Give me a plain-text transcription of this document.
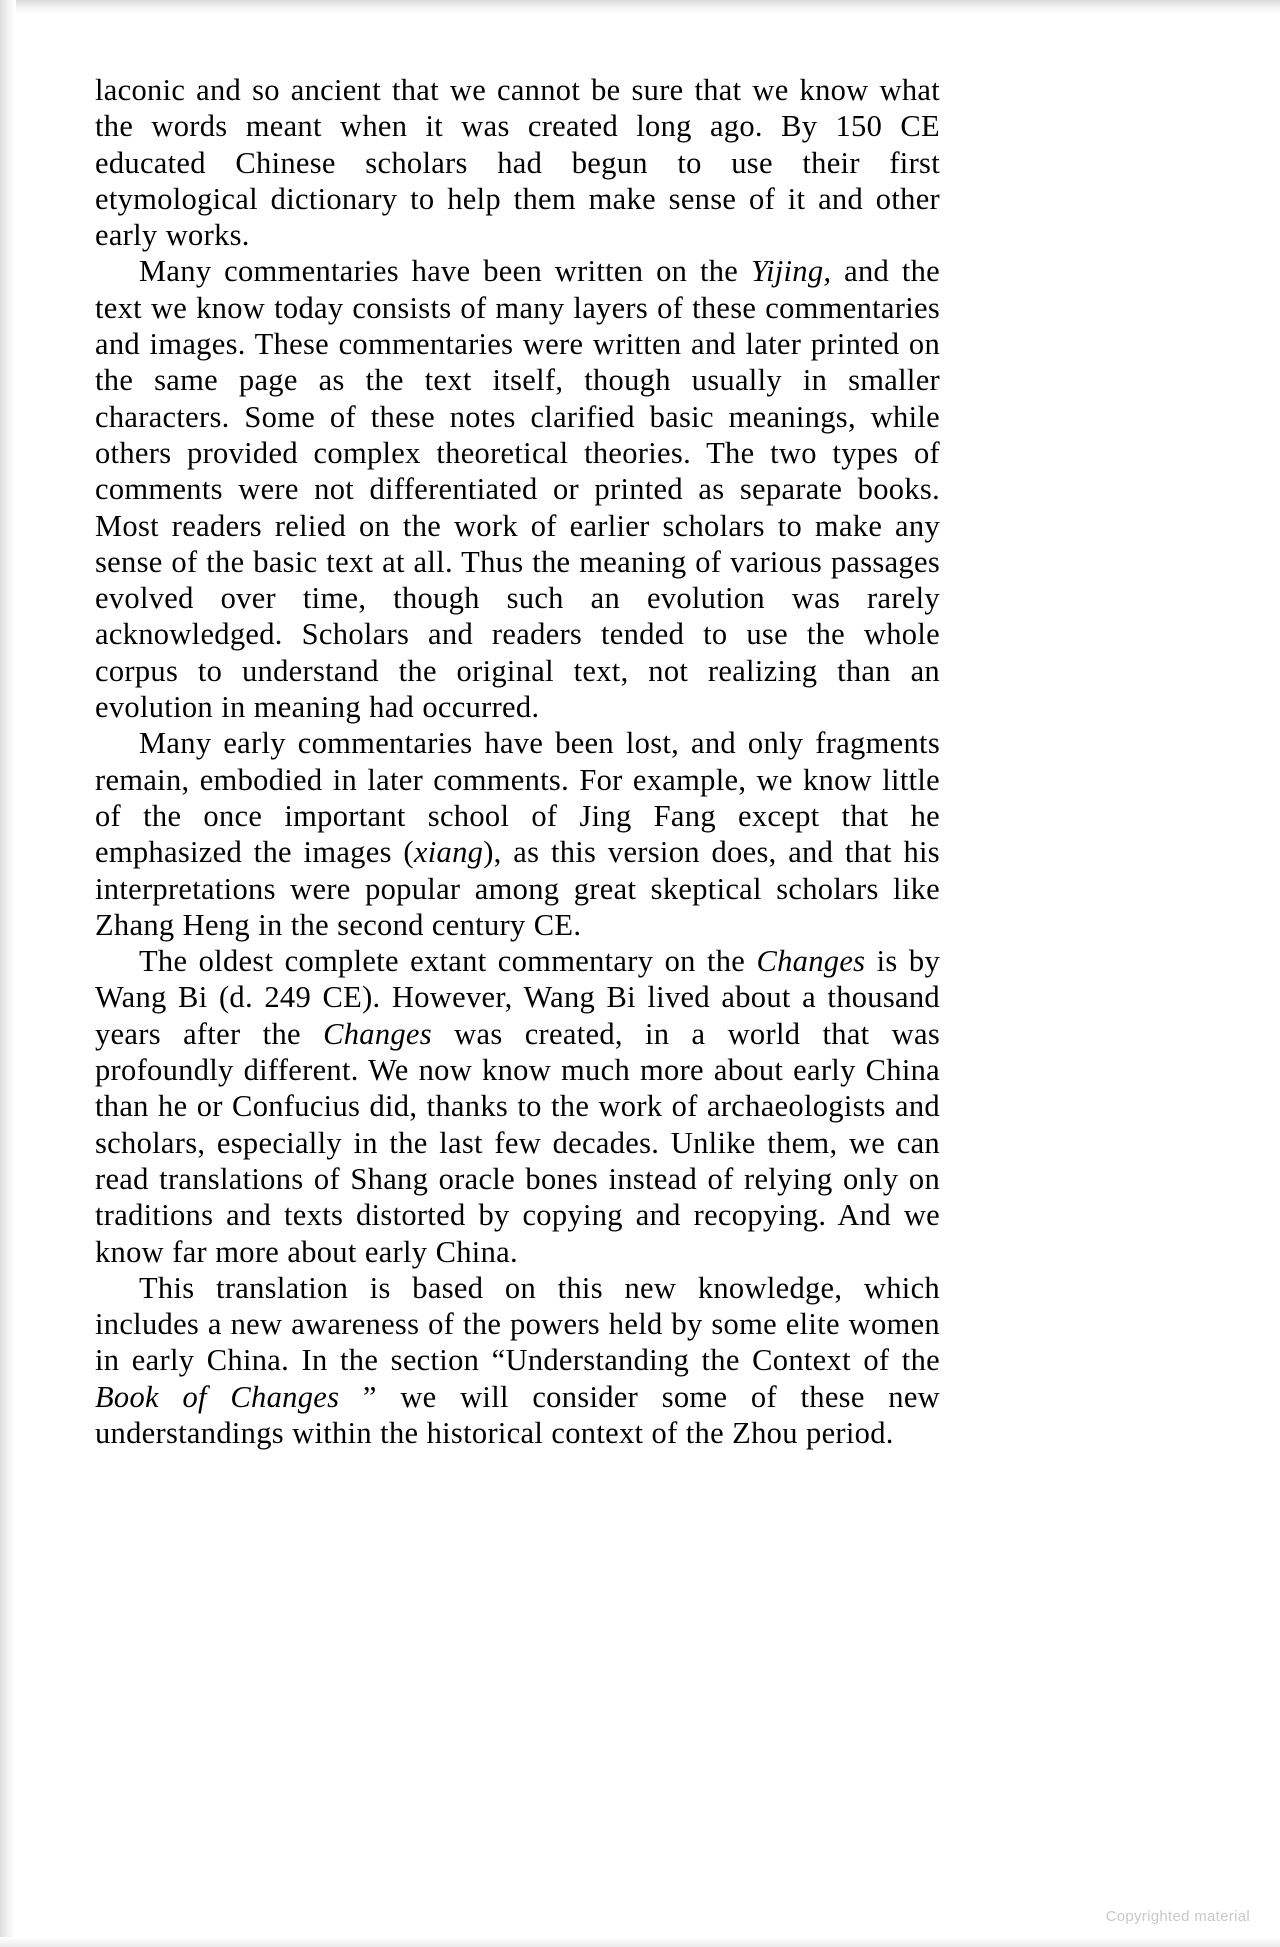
laconic and so ancient that we cannot be sure that we know what the words meant when it was created long ago. By 150 CE educated Chinese scholars had begun to use their first etymological dictionary to help them make sense of it and other early works.

Many commentaries have been written on the Yijing, and the text we know today consists of many layers of these commentaries and images. These commentaries were written and later printed on the same page as the text itself, though usually in smaller characters. Some of these notes clarified basic meanings, while others provided complex theoretical theories. The two types of comments were not differentiated or printed as separate books. Most readers relied on the work of earlier scholars to make any sense of the basic text at all. Thus the meaning of various passages evolved over time, though such an evolution was rarely acknowledged. Scholars and readers tended to use the whole corpus to understand the original text, not realizing than an evolution in meaning had occurred.

Many early commentaries have been lost, and only fragments remain, embodied in later comments. For example, we know little of the once important school of Jing Fang except that he emphasized the images (xiang), as this version does, and that his interpretations were popular among great skeptical scholars like Zhang Heng in the second century CE.

The oldest complete extant commentary on the Changes is by Wang Bi (d. 249 CE). However, Wang Bi lived about a thousand years after the Changes was created, in a world that was profoundly different. We now know much more about early China than he or Confucius did, thanks to the work of archaeologists and scholars, especially in the last few decades. Unlike them, we can read translations of Shang oracle bones instead of relying only on traditions and texts distorted by copying and recopying. And we know far more about early China.

This translation is based on this new knowledge, which includes a new awareness of the powers held by some elite women in early China. In the section “Understanding the Context of the Book of Changes ” we will consider some of these new understandings within the historical context of the Zhou period.

Copyrighted material
